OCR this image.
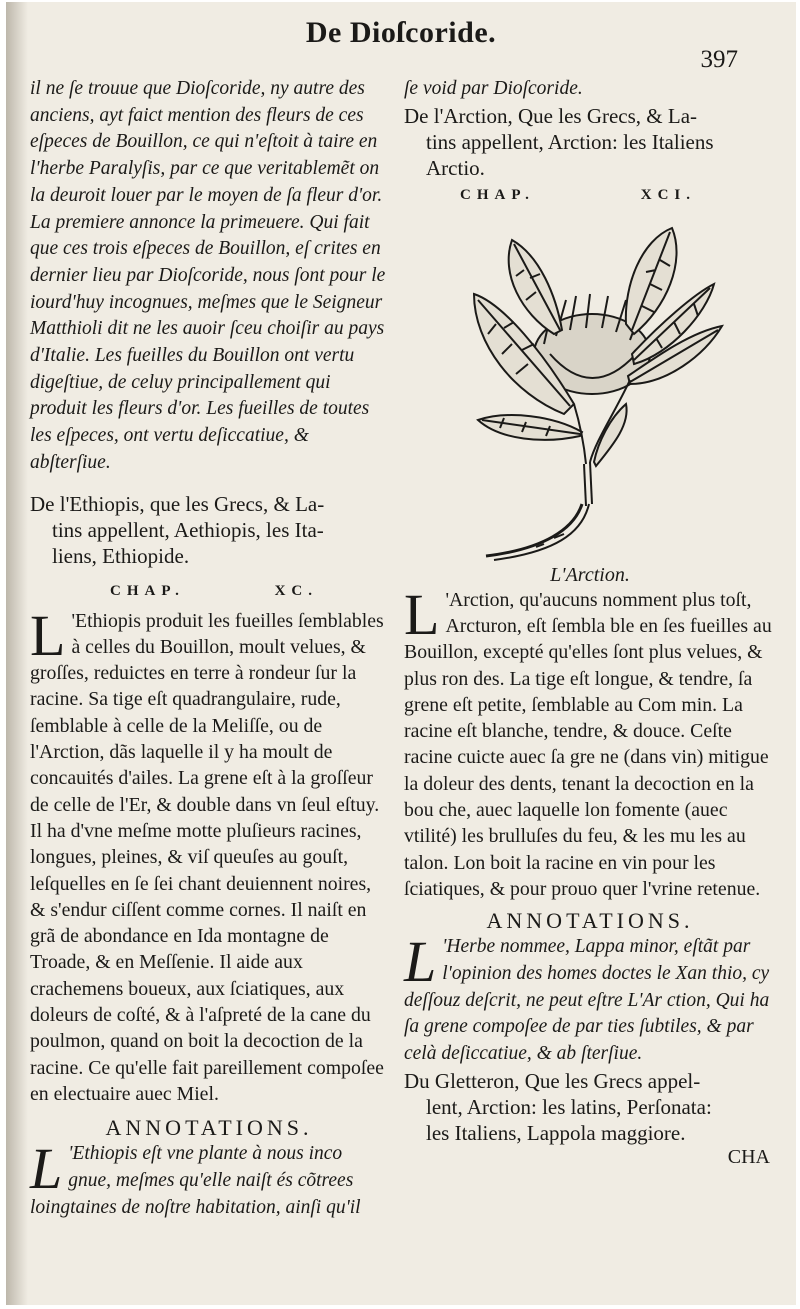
De Dioſcoride.
397

il ne ſe trouue que Dioſcoride, ny autre des anciens, ayt faict mention des fleurs de ces eſpeces de Bouillon, ce qui n'eſtoit à taire en l'herbe Paralyſis, par ce que veritablemẽt on la deuroit louer par le moyen de ſa fleur d'or. La premiere annonce la primeuere. Qui fait que ces trois eſpeces de Bouillon, eſ crites en dernier lieu par Dioſcoride, nous ſont pour le iourd'huy incognues, meſmes que le Seigneur Matthioli dit ne les auoir ſceu choiſir au pays d'Italie. Les fueilles du Bouillon ont vertu digeſtiue, de celuy principallement qui produit les fleurs d'or. Les fueilles de toutes les eſpeces, ont vertu deſiccatiue, & abſterſiue.

De l'Ethiopis, que les Grecs, & La-
tins appellent, Aethiopis, les Ita-
liens, Ethiopide.

CHAP.	XC.

L 'Ethiopis produit les fueilles ſemblables à celles du Bouillon, moult velues, & groſſes, reduictes en terre à rondeur ſur la racine. Sa tige eſt quadrangulaire, rude, ſemblable à celle de la Meliſſe, ou de l'Arction, dãs laquelle il y ha moult de concauités d'ailes. La grene eſt à la groſſeur de celle de l'Er, & double dans vn ſeul eſtuy. Il ha d'vne meſme motte pluſieurs racines, longues, pleines, & viſ queuſes au gouſt, leſquelles en ſe ſei chant deuiennent noires, & s'endur ciſſent comme cornes. Il naiſt en grã de abondance en Ida montagne de Troade, & en Meſſenie. Il aide aux crachemens boueux, aux ſciatiques, aux doleurs de coſté, & à l'aſpreté de la cane du poulmon, quand on boit la decoction de la racine. Ce qu'elle fait pareillement compoſee en electuaire auec Miel.

ANNOTATIONS.

L 'Ethiopis eſt vne plante à nous inco gnue, meſmes qu'elle naiſt és cõtrees loingtaines de noſtre habitation, ainſi qu'il

ſe void par Dioſcoride.

De l'Arction, Que les Grecs, & La-
tins appellent, Arction: les Italiens
Arctio.

CHAP.	XCI.

L'Arction.

L 'Arction, qu'aucuns nomment plus toſt, Arcturon, eſt ſembla ble en ſes fueilles au Bouillon, excepté qu'elles ſont plus velues, & plus ron des. La tige eſt longue, & tendre, ſa grene eſt petite, ſemblable au Com min. La racine eſt blanche, tendre, & douce. Ceſte racine cuicte auec ſa gre ne (dans vin) mitigue la doleur des dents, tenant la decoction en la bou che, auec laquelle lon fomente (auec vtilité) les brulluſes du feu, & les mu les au talon. Lon boit la racine en vin pour les ſciatiques, & pour prouo quer l'vrine retenue.

ANNOTATIONS.

L 'Herbe nommee, Lappa minor, eſtãt par l'opinion des homes doctes le Xan thio, cy deſſouz deſcrit, ne peut eſtre L'Ar ction, Qui ha ſa grene compoſee de par ties ſubtiles, & par celà deſiccatiue, & ab ſterſiue.

Du Gletteron, Que les Grecs appel-
lent, Arction: les latins, Perſonata:
les Italiens, Lappola maggiore.

CHA
